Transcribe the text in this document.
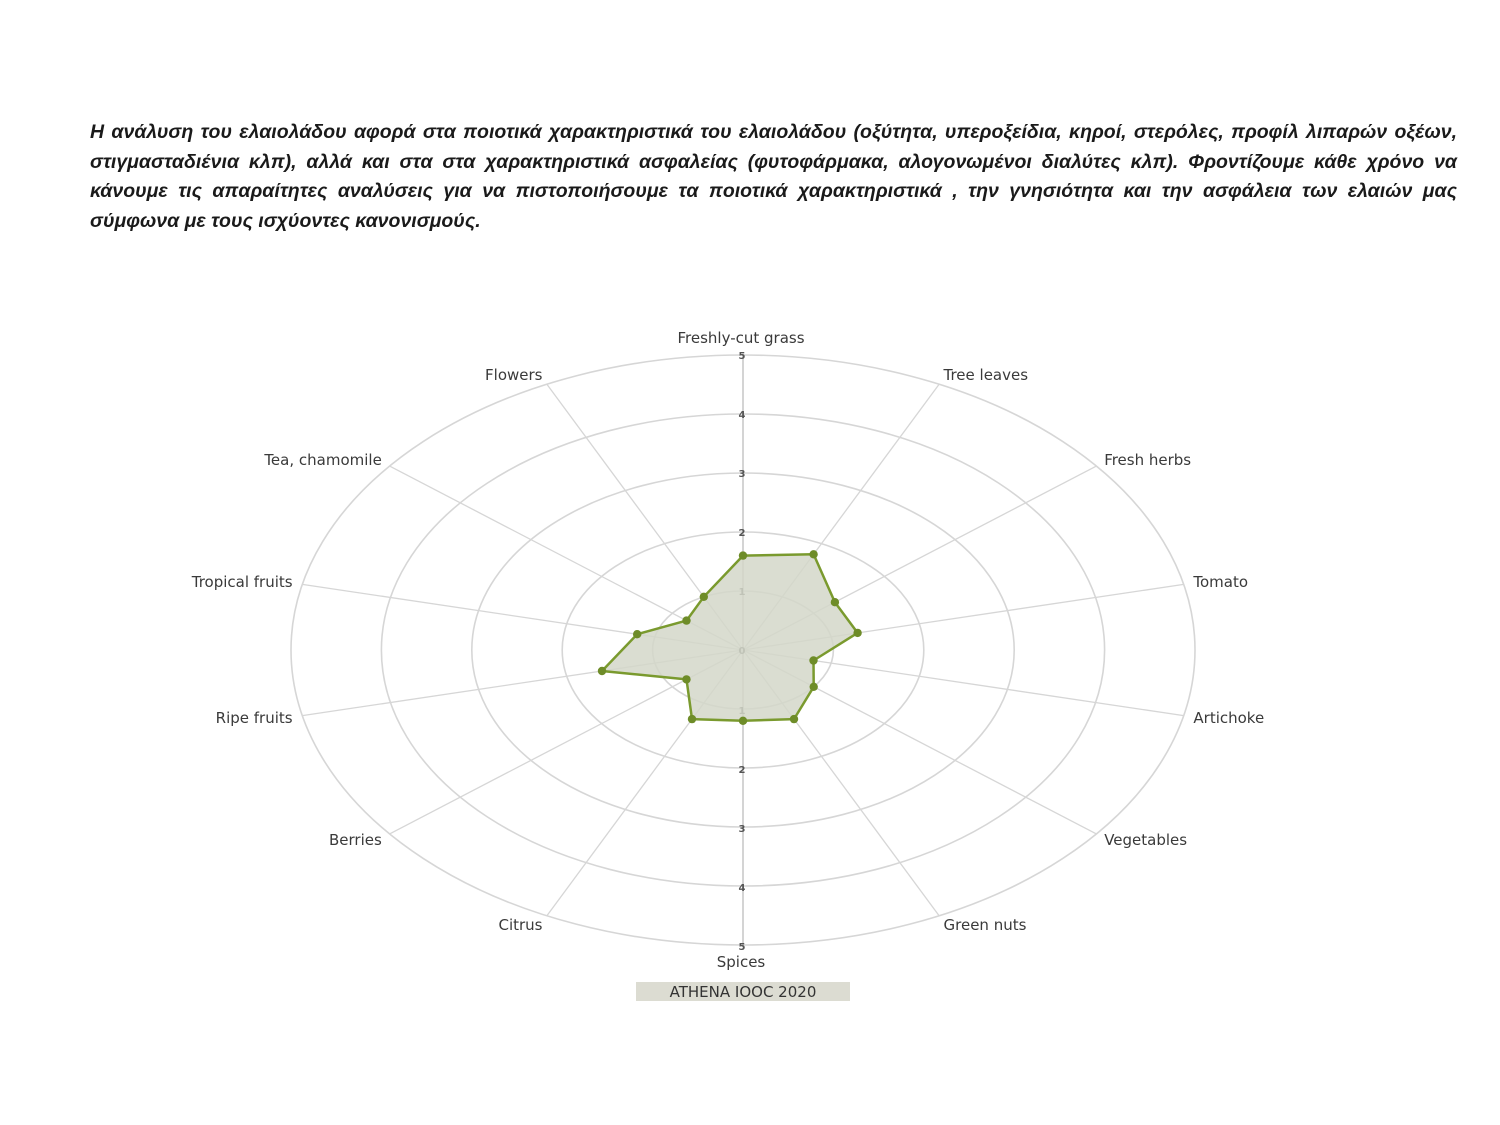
Η ανάλυση του ελαιολάδου αφορά στα ποιοτικά χαρακτηριστικά του ελαιολάδου (οξύτητα, υπεροξείδια, κηροί, στερόλες, προφίλ λιπαρών οξέων, στιγμασταδιένια κλπ), αλλά και στα στα χαρακτηριστικά ασφαλείας (φυτοφάρμακα, αλογονωμένοι διαλύτες κλπ). Φροντίζουμε κάθε χρόνο να κάνουμε τις απαραίτητες αναλύσεις για να πιστοποιήσουμε τα ποιοτικά χαρακτηριστικά , την γνησιότητα και την ασφάλεια των ελαιών μας σύμφωνα με τους ισχύοντες κανονισμούς.

2
2
3
3
4
4
5
5
Freshly-cut grass
Tree leaves
Fresh herbs
Tomato
Artichoke
Vegetables
Green nuts
Spices
Citrus
Berries
Ripe fruits
Tropical fruits
Tea, chamomile
Flowers
ATHENA IOOC 2020
